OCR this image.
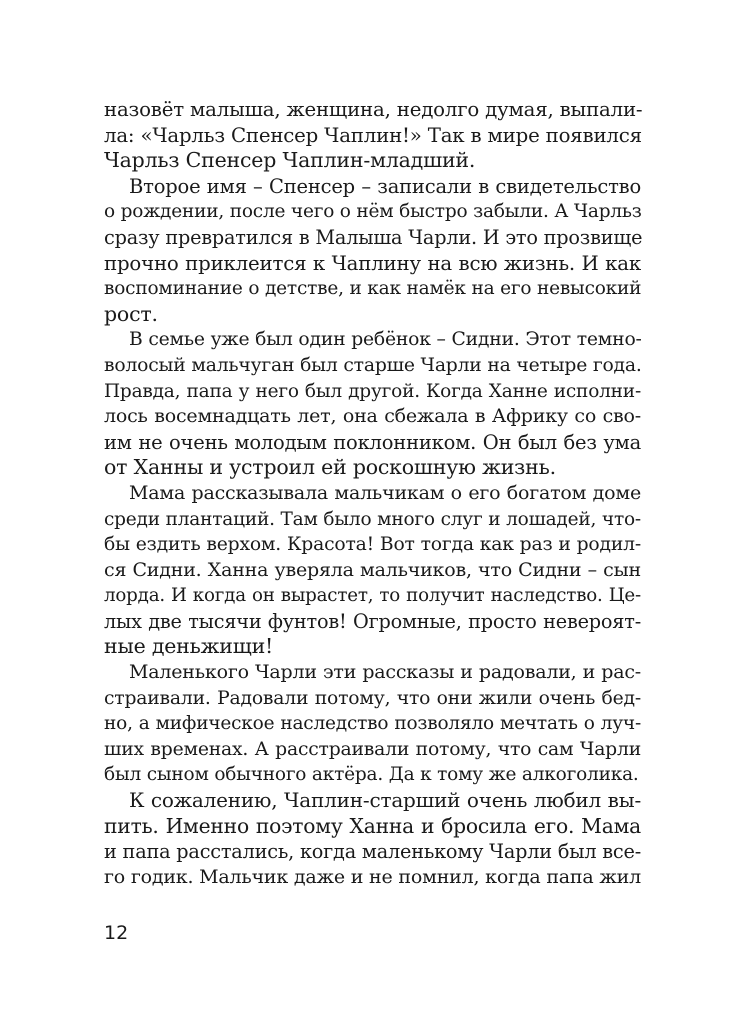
назовёт малыша, женщина, недолго думая, выпали-
ла: «Чарльз Спенсер Чаплин!» Так в мире появился
Чарльз Спенсер Чаплин-младший.
Второе имя – Спенсер – записали в свидетельство
о рождении, после чего о нём быстро забыли. А Чарльз
сразу превратился в Малыша Чарли. И это прозвище
прочно приклеится к Чаплину на всю жизнь. И как
воспоминание о детстве, и как намёк на его невысокий
рост.
В семье уже был один ребёнок – Сидни. Этот темно-
волосый мальчуган был старше Чарли на четыре года.
Правда, папа у него был другой. Когда Ханне исполни-
лось восемнадцать лет, она сбежала в Африку со сво-
им не очень молодым поклонником. Он был без ума
от Ханны и устроил ей роскошную жизнь.
Мама рассказывала мальчикам о его богатом доме
среди плантаций. Там было много слуг и лошадей, что-
бы ездить верхом. Красота! Вот тогда как раз и родил-
ся Сидни. Ханна уверяла мальчиков, что Сидни – сын
лорда. И когда он вырастет, то получит наследство. Це-
лых две тысячи фунтов! Огромные, просто невероят-
ные деньжищи!
Маленького Чарли эти рассказы и радовали, и рас-
страивали. Радовали потому, что они жили очень бед-
но, а мифическое наследство позволяло мечтать о луч-
ших временах. А расстраивали потому, что сам Чарли
был сыном обычного актёра. Да к тому же алкоголика.
К сожалению, Чаплин-старший очень любил вы-
пить. Именно поэтому Ханна и бросила его. Мама
и папа расстались, когда маленькому Чарли был все-
го годик. Мальчик даже и не помнил, когда папа жил
12
